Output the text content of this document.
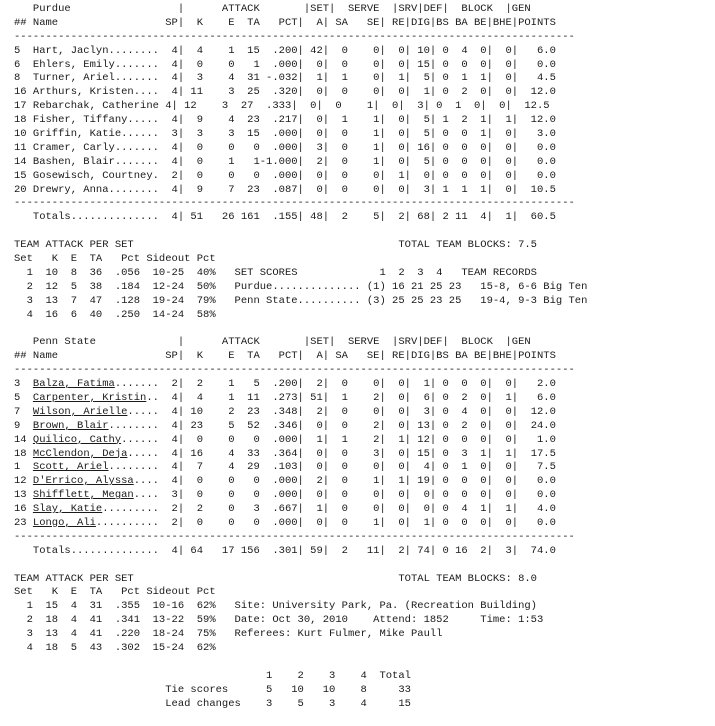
Purdue                 |      ATTACK       |SET|  SERVE  |SRV|DEF|  BLOCK  |GEN
## Name                 SP|  K    E  TA   PCT|  A| SA   SE| RE|DIG|BS BA BE|BHE|POINTS
-----------------------------------------------------------------------------------------
5  Hart, Jaclyn........  4|  4    1  15  .200| 42|  0    0|  0| 10| 0  4  0|  0|   6.0
6  Ehlers, Emily.......  4|  0    0   1  .000|  0|  0    0|  0| 15| 0  0  0|  0|   0.0
8  Turner, Ariel.......  4|  3    4  31 -.032|  1|  1    0|  1|  5| 0  1  1|  0|   4.5
16 Arthurs, Kristen....  4| 11    3  25  .320|  0|  0    0|  0|  1| 0  2  0|  0|  12.0
17 Rebarchak, Catherine 4| 12    3  27  .333|  0|  0    1|  0|  3| 0  1  0|  0|  12.5
18 Fisher, Tiffany.....  4|  9    4  23  .217|  0|  1    1|  0|  5| 1  2  1|  1|  12.0
10 Griffin, Katie......  3|  3    3  15  .000|  0|  0    1|  0|  5| 0  0  1|  0|   3.0
11 Cramer, Carly.......  4|  0    0   0  .000|  3|  0    1|  0| 16| 0  0  0|  0|   0.0
14 Bashen, Blair.......  4|  0    1   1-1.000|  2|  0    1|  0|  5| 0  0  0|  0|   0.0
15 Gosewisch, Courtney.  2|  0    0   0  .000|  0|  0    0|  1|  0| 0  0  0|  0|   0.0
20 Drewry, Anna........  4|  9    7  23  .087|  0|  0    0|  0|  3| 1  1  1|  0|  10.5
-----------------------------------------------------------------------------------------
Totals..............  4| 51   26 161  .155| 48|  2    5|  2| 68| 2 11  4|  1|  60.5
TEAM ATTACK PER SET                                          TOTAL TEAM BLOCKS: 7.5
Set   K  E  TA   Pct Sideout Pct
1  10  8  36  .056  10-25  40%   SET SCORES             1  2  3  4   TEAM RECORDS
2  12  5  38  .184  12-24  50%   Purdue.............. (1) 16 21 25 23   15-8, 6-6 Big Ten
3  13  7  47  .128  19-24  79%   Penn State.......... (3) 25 25 23 25   19-4, 9-3 Big Ten
4  16  6  40  .250  14-24  58%
Penn State             |      ATTACK       |SET|  SERVE  |SRV|DEF|  BLOCK  |GEN
## Name                 SP|  K    E  TA   PCT|  A| SA   SE| RE|DIG|BS BA BE|BHE|POINTS
-----------------------------------------------------------------------------------------
3  Balza, Fatima.......  2|  2    1   5  .200|  2|  0    0|  0|  1| 0  0  0|  0|   2.0
5  Carpenter, Kristin..  4|  4    1  11  .273| 51|  1    2|  0|  6| 0  2  0|  1|   6.0
7  Wilson, Arielle.....  4| 10    2  23  .348|  2|  0    0|  0|  3| 0  4  0|  0|  12.0
9  Brown, Blair........  4| 23    5  52  .346|  0|  0    2|  0| 13| 0  2  0|  0|  24.0
14 Quilico, Cathy......  4|  0    0   0  .000|  1|  1    2|  1| 12| 0  0  0|  0|   1.0
18 McClendon, Deja.....  4| 16    4  33  .364|  0|  0    3|  0| 15| 0  3  1|  1|  17.5
1  Scott, Ariel........  4|  7    4  29  .103|  0|  0    0|  0|  4| 0  1  0|  0|   7.5
12 D'Errico, Alyssa....  4|  0    0   0  .000|  2|  0    1|  1| 19| 0  0  0|  0|   0.0
13 Shifflett, Megan....  3|  0    0   0  .000|  0|  0    0|  0|  0| 0  0  0|  0|   0.0
16 Slay, Katie.........  2|  2    0   3  .667|  1|  0    0|  0|  0| 0  4  1|  1|   4.0
23 Longo, Ali..........  2|  0    0   0  .000|  0|  0    1|  0|  1| 0  0  0|  0|   0.0
-----------------------------------------------------------------------------------------
Totals..............  4| 64   17 156  .301| 59|  2   11|  2| 74| 0 16  2|  3|  74.0
TEAM ATTACK PER SET                                          TOTAL TEAM BLOCKS: 8.0
Set   K  E  TA   Pct Sideout Pct
1  15  4  31  .355  10-16  62%   Site: University Park, Pa. (Recreation Building)
2  18  4  41  .341  13-22  59%   Date: Oct 30, 2010    Attend: 1852     Time: 1:53
3  13  4  41  .220  18-24  75%   Referees: Kurt Fulmer, Mike Paull
4  18  5  43  .302  15-24  62%
1    2    3    4  Total
Tie scores      5   10   10    8     33
Lead changes    3    5    3    4     15
